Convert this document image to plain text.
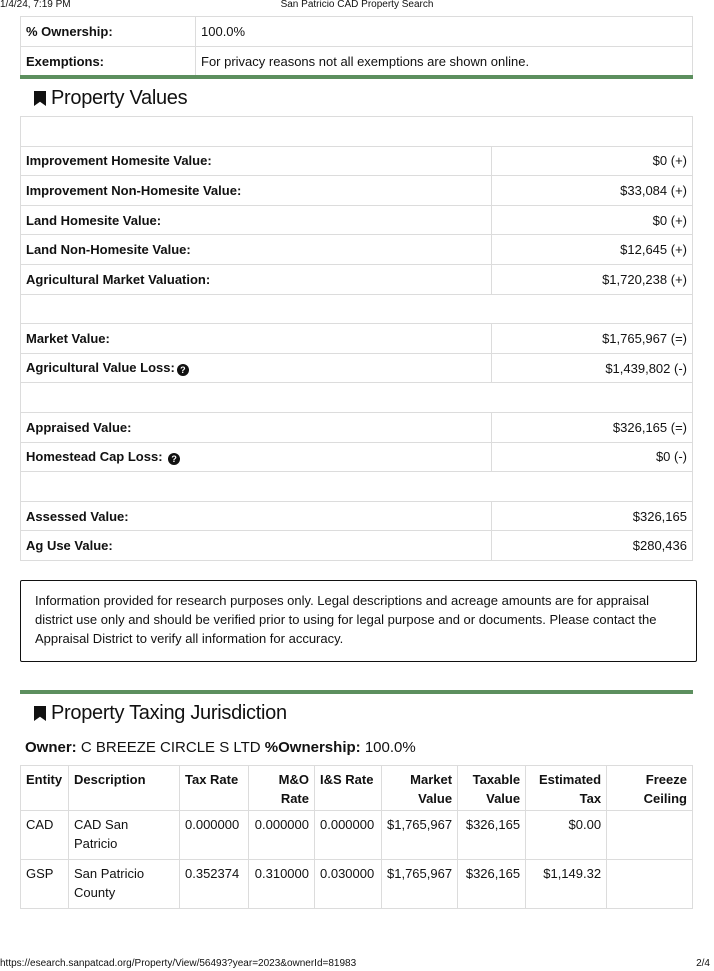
1/4/24, 7:19 PM	San Patricio CAD Property Search
% Ownership:	100.0%
Exemptions:	For privacy reasons not all exemptions are shown online.
Property Values

Improvement Homesite Value:	$0 (+)
Improvement Non-Homesite Value:	$33,084 (+)
Land Homesite Value:	$0 (+)
Land Non-Homesite Value:	$12,645 (+)
Agricultural Market Valuation:	$1,720,238 (+)

Market Value:	$1,765,967 (=)
Agricultural Value Loss: ?	$1,439,802 (-)

Appraised Value:	$326,165 (=)
Homestead Cap Loss: ?	$0 (-)

Assessed Value:	$326,165
Ag Use Value:	$280,436
Information provided for research purposes only. Legal descriptions and acreage amounts are for appraisal district use only and should be verified prior to using for legal purpose and or documents. Please contact the Appraisal District to verify all information for accuracy.
Property Taxing Jurisdiction
Owner: C BREEZE CIRCLE S LTD %Ownership: 100.0%
Entity	Description	Tax Rate	M&O Rate	I&S Rate	Market Value	Taxable Value	Estimated Tax	Freeze Ceiling
CAD	CAD San Patricio	0.000000	0.000000	0.000000	$1,765,967	$326,165	$0.00	
GSP	San Patricio County	0.352374	0.310000	0.030000	$1,765,967	$326,165	$1,149.32	
https://esearch.sanpatcad.org/Property/View/56493?year=2023&ownerId=81983	2/4
